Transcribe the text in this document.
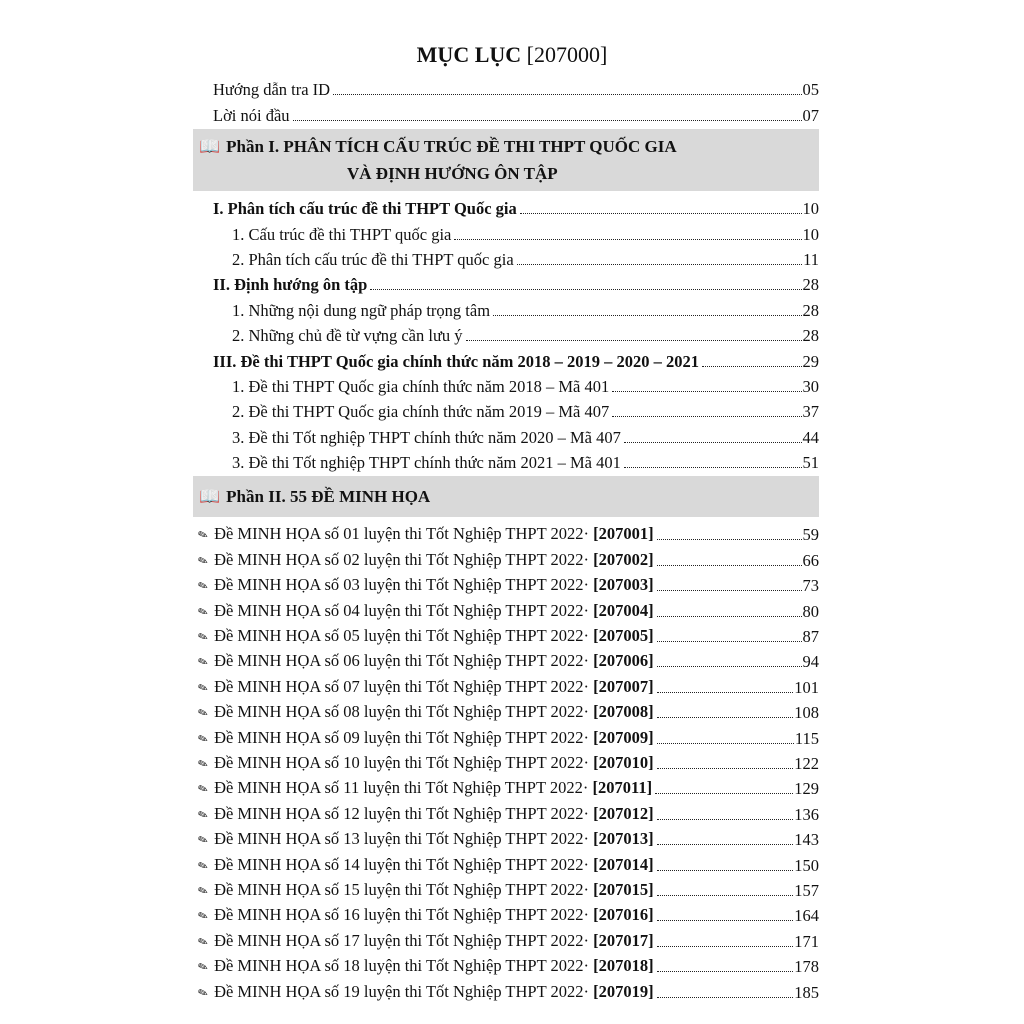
MỤC LỤC [207000]
Hướng dẫn tra ID	05
Lời nói đầu	07
📖 Phần I. PHÂN TÍCH CẤU TRÚC ĐỀ THI THPT QUỐC GIA
VÀ ĐỊNH HƯỚNG ÔN TẬP
I. Phân tích cấu trúc đề thi THPT Quốc gia	10
1. Cấu trúc đề thi THPT quốc gia	10
2. Phân tích cấu trúc đề thi THPT quốc gia	11
II. Định hướng ôn tập	28
1. Những nội dung ngữ pháp trọng tâm	28
2. Những chủ đề từ vựng cần lưu ý	28
III. Đề thi THPT Quốc gia chính thức năm 2018 – 2019 – 2020 – 2021	29
1. Đề thi THPT Quốc gia chính thức năm 2018 – Mã 401	30
2. Đề thi THPT Quốc gia chính thức năm 2019 – Mã 407	37
3. Đề thi Tốt nghiệp THPT chính thức năm 2020 – Mã 407	44
3. Đề thi Tốt nghiệp THPT chính thức năm 2021 – Mã 401	51
📖 Phần II. 55 ĐỀ MINH HỌA
✎ Đề MINH HỌA số 01 luyện thi Tốt Nghiệp THPT 2022· [207001]	59
✎ Đề MINH HỌA số 02 luyện thi Tốt Nghiệp THPT 2022· [207002]	66
✎ Đề MINH HỌA số 03 luyện thi Tốt Nghiệp THPT 2022· [207003]	73
✎ Đề MINH HỌA số 04 luyện thi Tốt Nghiệp THPT 2022· [207004]	80
✎ Đề MINH HỌA số 05 luyện thi Tốt Nghiệp THPT 2022· [207005]	87
✎ Đề MINH HỌA số 06 luyện thi Tốt Nghiệp THPT 2022· [207006]	94
✎ Đề MINH HỌA số 07 luyện thi Tốt Nghiệp THPT 2022· [207007]	101
✎ Đề MINH HỌA số 08 luyện thi Tốt Nghiệp THPT 2022· [207008]	108
✎ Đề MINH HỌA số 09 luyện thi Tốt Nghiệp THPT 2022· [207009]	115
✎ Đề MINH HỌA số 10 luyện thi Tốt Nghiệp THPT 2022· [207010]	122
✎ Đề MINH HỌA số 11 luyện thi Tốt Nghiệp THPT 2022· [207011]	129
✎ Đề MINH HỌA số 12 luyện thi Tốt Nghiệp THPT 2022· [207012]	136
✎ Đề MINH HỌA số 13 luyện thi Tốt Nghiệp THPT 2022· [207013]	143
✎ Đề MINH HỌA số 14 luyện thi Tốt Nghiệp THPT 2022· [207014]	150
✎ Đề MINH HỌA số 15 luyện thi Tốt Nghiệp THPT 2022· [207015]	157
✎ Đề MINH HỌA số 16 luyện thi Tốt Nghiệp THPT 2022· [207016]	164
✎ Đề MINH HỌA số 17 luyện thi Tốt Nghiệp THPT 2022· [207017]	171
✎ Đề MINH HỌA số 18 luyện thi Tốt Nghiệp THPT 2022· [207018]	178
✎ Đề MINH HỌA số 19 luyện thi Tốt Nghiệp THPT 2022· [207019]	185
